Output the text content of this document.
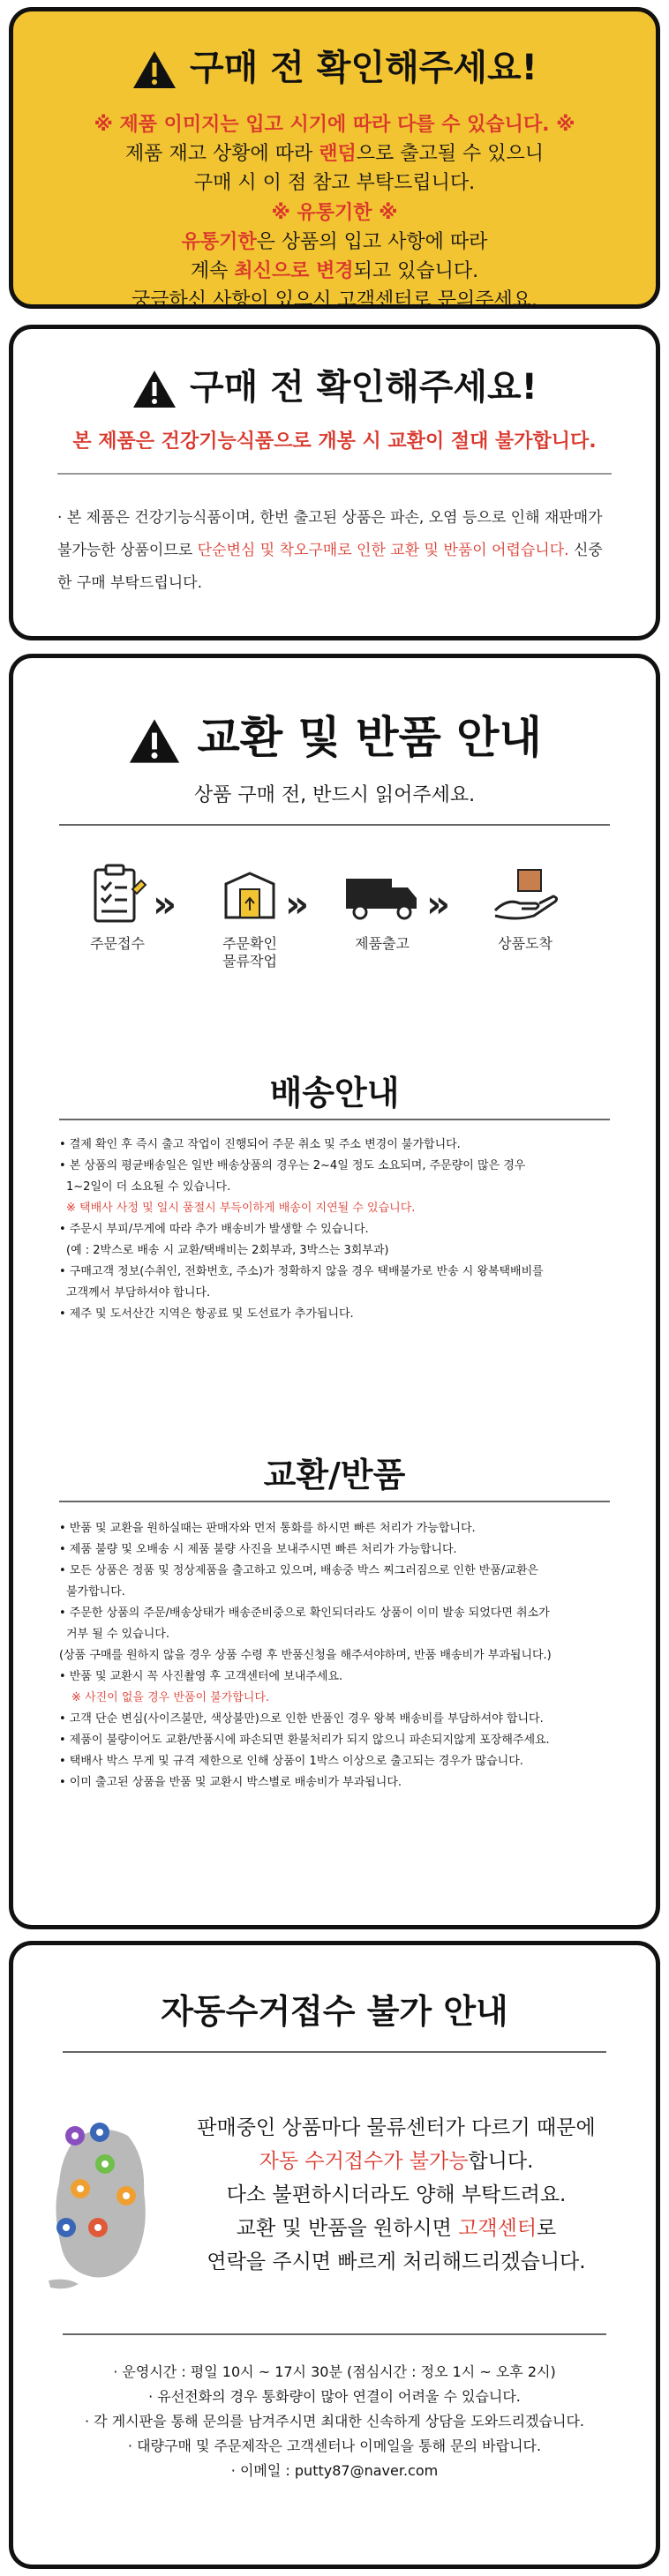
구매 전 확인해주세요!
※ 제품 이미지는 입고 시기에 따라 다를 수 있습니다. ※
제품 재고 상황에 따라 랜덤으로 출고될 수 있으니
구매 시 이 점 참고 부탁드립니다.
※ 유통기한 ※
유통기한은 상품의 입고 사항에 따라
계속 최신으로 변경되고 있습니다.
궁금하신 사항이 있으시 고객센터로 문의주세요.
구매 전 확인해주세요!
본 제품은 건강기능식품으로 개봉 시 교환이 절대 불가합니다.
· 본 제품은 건강기능식품이며, 한번 출고된 상품은 파손, 오염 등으로 인해 재판매가 불가능한 상품이므로 단순변심 및 착오구매로 인한 교환 및 반품이 어렵습니다. 신중한 구매 부탁드립니다.
교환 및 반품 안내
상품 구매 전, 반드시 읽어주세요.
주문접수
»
주문확인
물류작업
»
제품출고
»
상품도착
배송안내

• 결제 확인 후 즉시 출고 작업이 진행되어 주문 취소 및 주소 변경이 불가합니다.

• 본 상품의 평균배송일은 일반 배송상품의 경우는 2~4일 정도 소요되며, 주문량이 많은 경우

1~2일이 더 소요될 수 있습니다.

※ 택배사 사정 및 일시 품절시 부득이하게 배송이 지연될 수 있습니다.

• 주문시 부피/무게에 따라 추가 배송비가 발생할 수 있습니다.

(예 : 2박스로 배송 시 교환/택배비는 2회부과, 3박스는 3회부과)

• 구매고객 정보(수취인, 전화번호, 주소)가 정확하지 않을 경우 택배불가로 반송 시 왕복택배비를

고객께서 부담하셔야 합니다.

• 제주 및 도서산간 지역은 항공료 및 도선료가 추가됩니다.

교환/반품

• 반품 및 교환을 원하실때는 판매자와 먼저 통화를 하시면 빠른 처리가 가능합니다.

• 제품 불량 및 오배송 시 제품 불량 사진을 보내주시면 빠른 처리가 가능합니다.

• 모든 상품은 정품 및 정상제품을 출고하고 있으며, 배송중 박스 찌그러짐으로 인한 반품/교환은

불가합니다.

• 주문한 상품의 주문/배송상태가 배송준비중으로 확인되더라도 상품이 이미 발송 되었다면 취소가

거부 될 수 있습니다.

(상품 구매를 원하지 않을 경우 상품 수령 후 반품신청을 해주셔야하며, 반품 배송비가 부과됩니다.)

• 반품 및 교환시 꼭 사진촬영 후 고객센터에 보내주세요.

※ 사진이 없을 경우 반품이 불가합니다.

• 고객 단순 변심(사이즈불만, 색상불만)으로 인한 반품인 경우 왕복 배송비를 부담하셔야 합니다.

• 제품이 불량이어도 교환/반품시에 파손되면 환불처리가 되지 않으니 파손되지않게 포장해주세요.

• 택배사 박스 무게 및 규격 제한으로 인해 상품이 1박스 이상으로 출고되는 경우가 많습니다.

• 이미 출고된 상품을 반품 및 교환시 박스별로 배송비가 부과됩니다.

자동수거접수 불가 안내
판매중인 상품마다 물류센터가 다르기 때문에
자동 수거접수가 불가능합니다.
다소 불편하시더라도 양해 부탁드려요.
교환 및 반품을 원하시면 고객센터로
연락을 주시면 빠르게 처리해드리겠습니다.
· 운영시간 : 평일 10시 ~ 17시 30분 (점심시간 : 정오 1시 ~ 오후 2시)
· 유선전화의 경우 통화량이 많아 연결이 어려울 수 있습니다.
· 각 게시판을 통해 문의를 남겨주시면 최대한 신속하게 상담을 도와드리겠습니다.
· 대량구매 및 주문제작은 고객센터나 이메일을 통해 문의 바랍니다.
· 이메일 : putty87@naver.com
